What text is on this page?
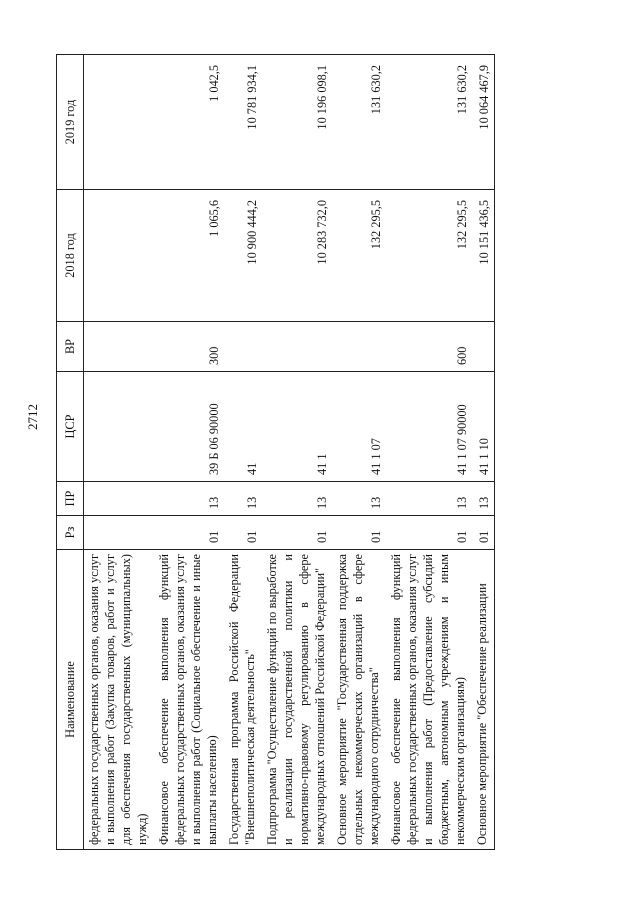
2712
Наименование	Рз	ПР	ЦСР	ВР	2018 год	2019 год
федеральных государственных органов, оказания услуг и выполнения работ (Закупка товаров, работ и услуг для обеспечения государственных (муниципальных) нужд)						
Финансовое обеспечение выполнения функций федеральных государственных органов, оказания услуг и выполнения работ (Социальное обеспечение и иные выплаты населению)	01	13	39 Б 06 90000	300	1 065,6	1 042,5
Государственная программа Российской Федерации "Внешнеполитическая деятельность"	01	13	41		10 900 444,2	10 781 934,1
Подпрограмма "Осуществление функций по выработке и реализации государственной политики и нормативно-правовому регулированию в сфере международных отношений Российской Федерации"	01	13	41 1		10 283 732,0	10 196 098,1
Основное мероприятие "Государственная поддержка отдельных некоммерческих организаций в сфере международного сотрудничества"	01	13	41 1 07		132 295,5	131 630,2
Финансовое обеспечение выполнения функций федеральных государственных органов, оказания услуг и выполнения работ (Предоставление субсидий бюджетным, автономным учреждениям и иным некоммерческим организациям)	01	13	41 1 07 90000	600	132 295,5	131 630,2
Основное мероприятие "Обеспечение реализации	01	13	41 1 10		10 151 436,5	10 064 467,9
